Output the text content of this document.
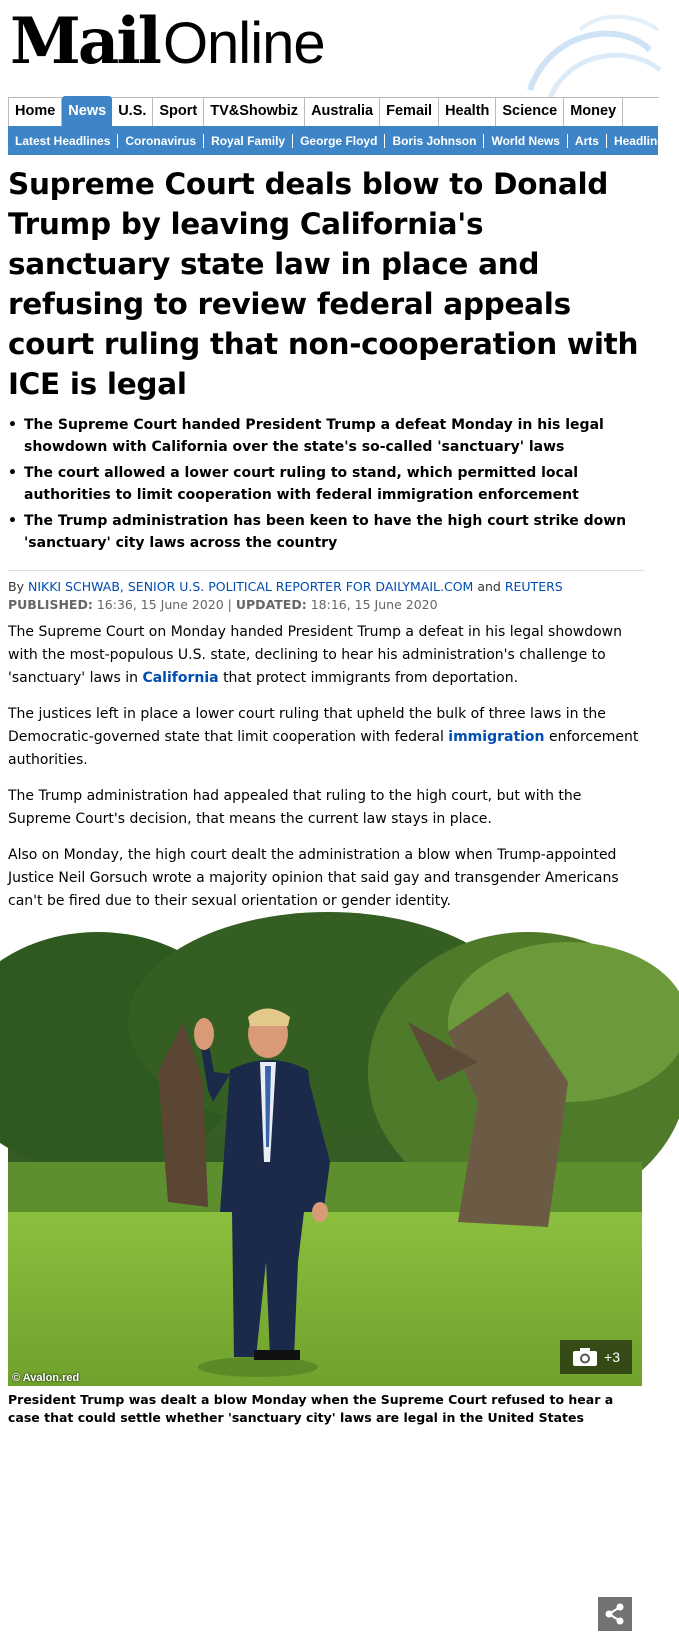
Mail Online
Home News U.S. Sport TV&Showbiz Australia Femail Health Science Money
Latest Headlines	Coronavirus	Royal Family	George Floyd	Boris Johnson	World News	Arts	Headlines
Supreme Court deals blow to Donald Trump by leaving California's sanctuary state law in place and refusing to review federal appeals court ruling that non-cooperation with ICE is legal
• The Supreme Court handed President Trump a defeat Monday in his legal showdown with California over the state's so-called 'sanctuary' laws
• The court allowed a lower court ruling to stand, which permitted local authorities to limit cooperation with federal immigration enforcement
• The Trump administration has been keen to have the high court strike down 'sanctuary' city laws across the country
By NIKKI SCHWAB, SENIOR U.S. POLITICAL REPORTER FOR DAILYMAIL.COM and REUTERS
PUBLISHED: 16:36, 15 June 2020 | UPDATED: 18:16, 15 June 2020

The Supreme Court on Monday handed President Trump a defeat in his legal showdown with the most-populous U.S. state, declining to hear his administration's challenge to 'sanctuary' laws in California that protect immigrants from deportation.

The justices left in place a lower court ruling that upheld the bulk of three laws in the Democratic-governed state that limit cooperation with federal immigration enforcement authorities.

The Trump administration had appealed that ruling to the high court, but with the Supreme Court's decision, that means the current law stays in place.

Also on Monday, the high court dealt the administration a blow when Trump-appointed Justice Neil Gorsuch wrote a majority opinion that said gay and transgender Americans can't be fired due to their sexual orientation or gender identity.

© Avalon.red
+3

President Trump was dealt a blow Monday when the Supreme Court refused to hear a case that could settle whether 'sanctuary city' laws are legal in the United States
